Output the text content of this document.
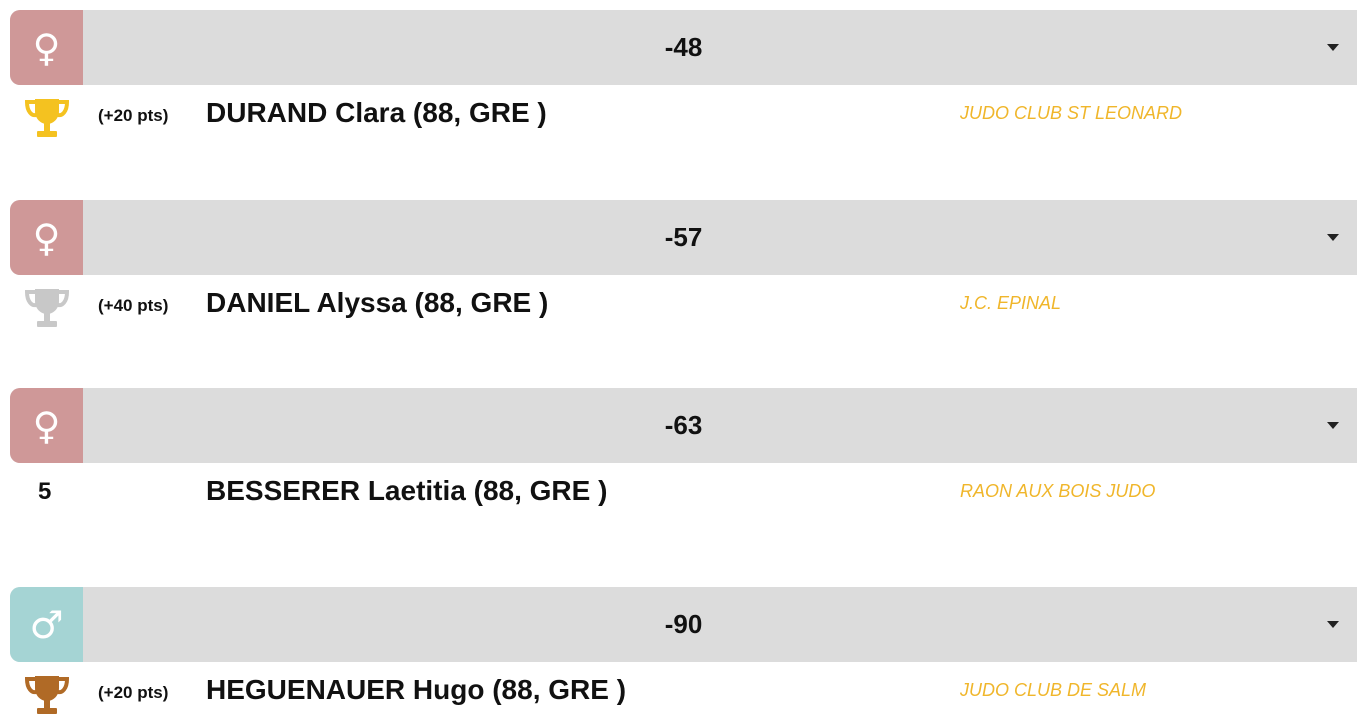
♀	-48
(+20 pts) DURAND Clara (88, GRE )	JUDO CLUB ST LEONARD
♀	-57
(+40 pts) DANIEL Alyssa (88, GRE )	J.C. EPINAL
♀	-63
5	BESSERER Laetitia (88, GRE )	RAON AUX BOIS JUDO
♂	-90
(+20 pts) HEGUENAUER Hugo (88, GRE )	JUDO CLUB DE SALM
